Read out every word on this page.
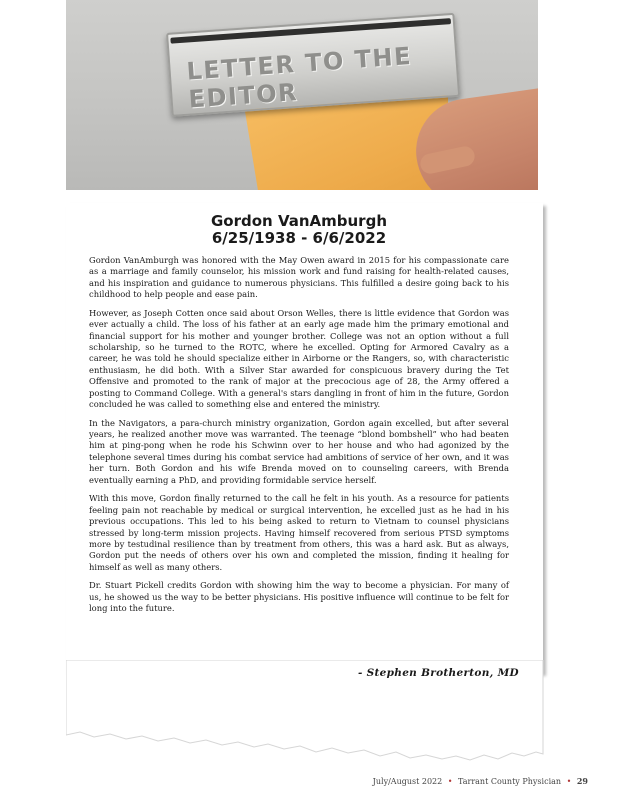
LETTER TO THE EDITOR
Gordon VanAmburgh
6/25/1938 - 6/6/2022

Gordon VanAmburgh was honored with the May Owen award in 2015 for his compassionate care as a marriage and family counselor, his mission work and fund raising for health-related causes, and his inspiration and guidance to numerous physicians. This fulfilled a desire going back to his childhood to help people and ease pain.

However, as Joseph Cotten once said about Orson Welles, there is little evidence that Gordon was ever actually a child. The loss of his father at an early age made him the primary emotional and financial support for his mother and younger brother. College was not an option without a full scholarship, so he turned to the ROTC, where he excelled. Opting for Armored Cavalry as a career, he was told he should specialize either in Airborne or the Rangers, so, with characteristic enthusiasm, he did both. With a Silver Star awarded for conspicuous bravery during the Tet Offensive and promoted to the rank of major at the precocious age of 28, the Army offered a posting to Command College. With a general's stars dangling in front of him in the future, Gordon concluded he was called to something else and entered the ministry.

In the Navigators, a para-church ministry organization, Gordon again excelled, but after several years, he realized another move was warranted. The teenage “blond bombshell” who had beaten him at ping-pong when he rode his Schwinn over to her house and who had agonized by the telephone several times during his combat service had ambitions of service of her own, and it was her turn. Both Gordon and his wife Brenda moved on to counseling careers, with Brenda eventually earning a PhD, and providing formidable service herself.

With this move, Gordon finally returned to the call he felt in his youth. As a resource for patients feeling pain not reachable by medical or surgical intervention, he excelled just as he had in his previous occupations. This led to his being asked to return to Vietnam to counsel physicians stressed by long-term mission projects. Having himself recovered from serious PTSD symptoms more by testudinal resilience than by treatment from others, this was a hard ask. But as always, Gordon put the needs of others over his own and completed the mission, finding it healing for himself as well as many others.

Dr. Stuart Pickell credits Gordon with showing him the way to become a physician. For many of us, he showed us the way to be better physicians. His positive influence will continue to be felt for long into the future.

- Stephen Brotherton, MD
July/August 2022 • Tarrant County Physician • 29
